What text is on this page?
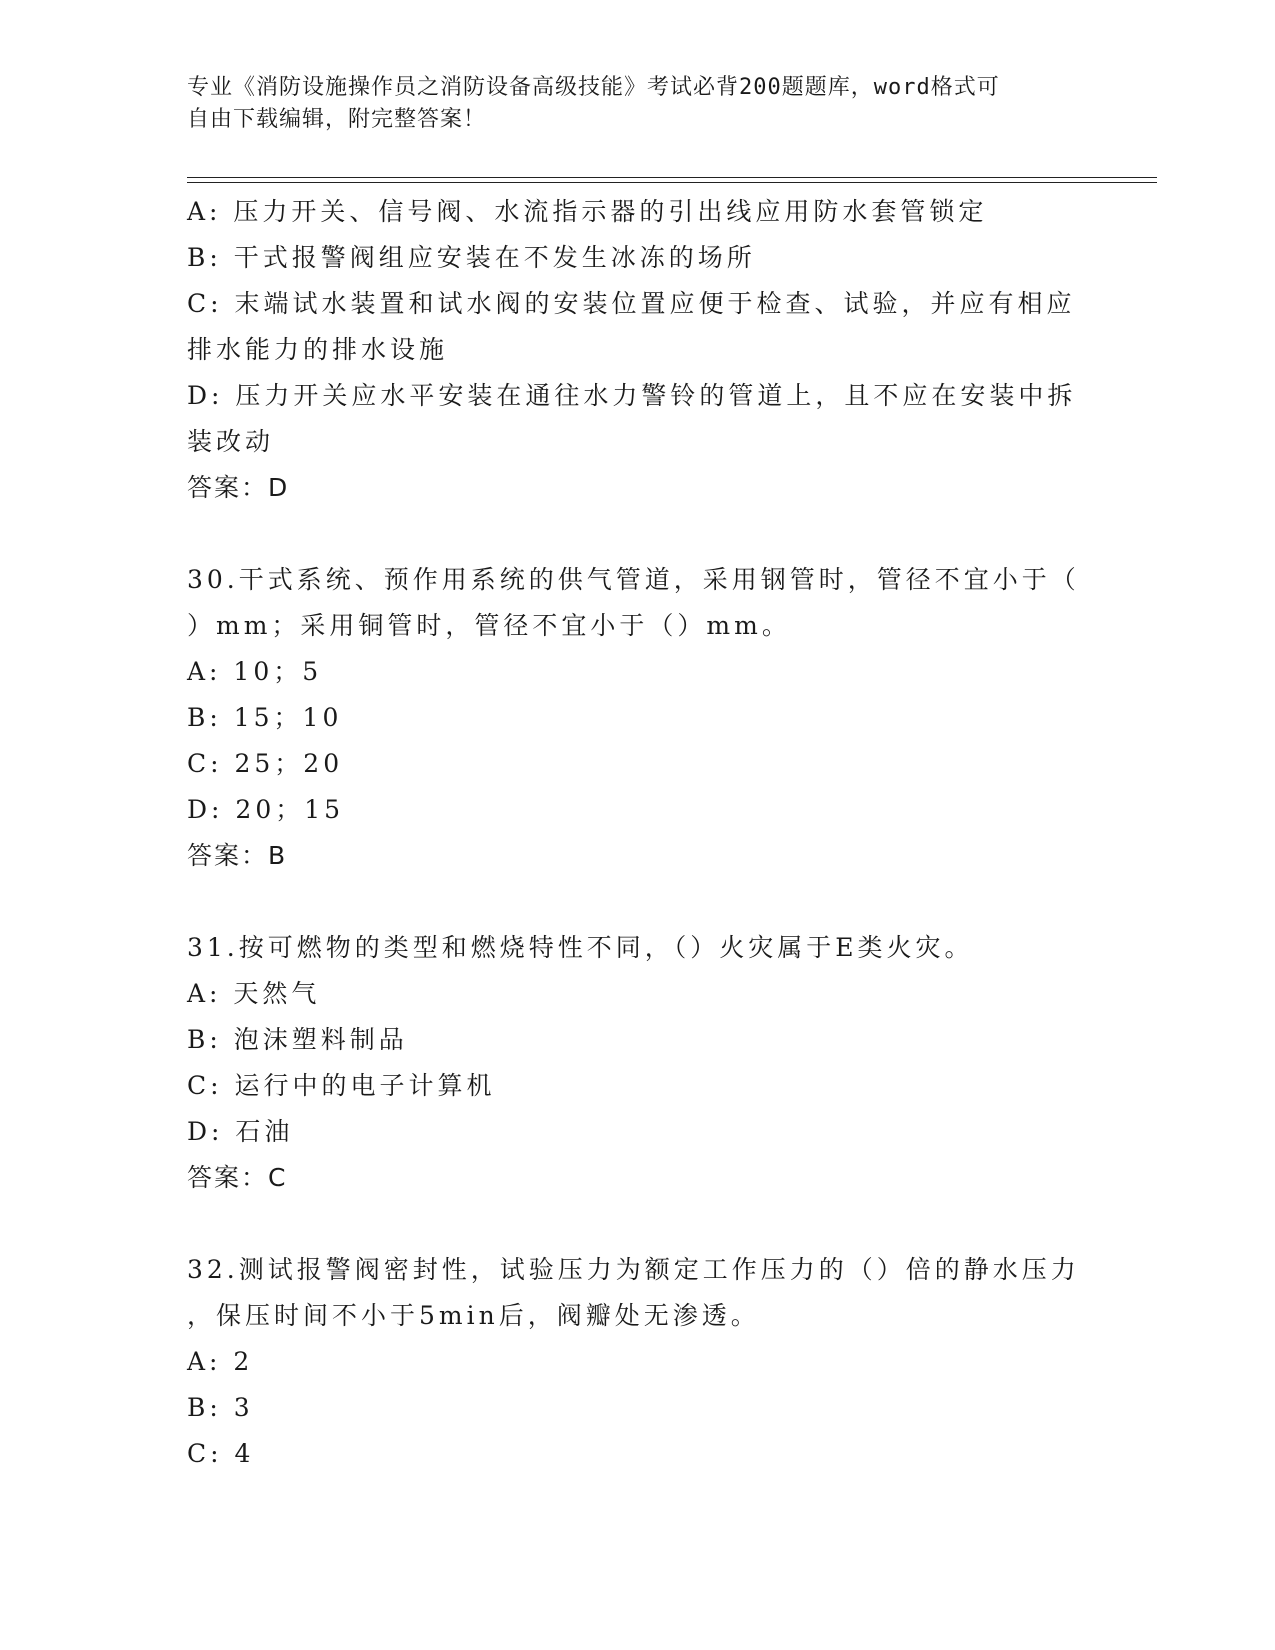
专业《消防设施操作员之消防设备高级技能》考试必背200题题库，word格式可
自由下载编辑，附完整答案！
A: 压力开关、信号阀、水流指示器的引出线应用防水套管锁定
B: 干式报警阀组应安装在不发生冰冻的场所
C: 末端试水装置和试水阀的安装位置应便于检查、试验，并应有相应
排水能力的排水设施
D: 压力开关应水平安装在通往水力警铃的管道上，且不应在安装中拆
装改动
答案：D
30.干式系统、预作用系统的供气管道，采用钢管时，管径不宜小于（
）mm；采用铜管时，管径不宜小于（）mm。
A: 10；5
B: 15；10
C: 25；20
D: 20；15
答案：B
31.按可燃物的类型和燃烧特性不同，（）火灾属于E类火灾。
A: 天然气
B: 泡沫塑料制品
C: 运行中的电子计算机
D: 石油
答案：C
32.测试报警阀密封性，试验压力为额定工作压力的（）倍的静水压力
，保压时间不小于5min后，阀瓣处无渗透。
A: 2
B: 3
C: 4
